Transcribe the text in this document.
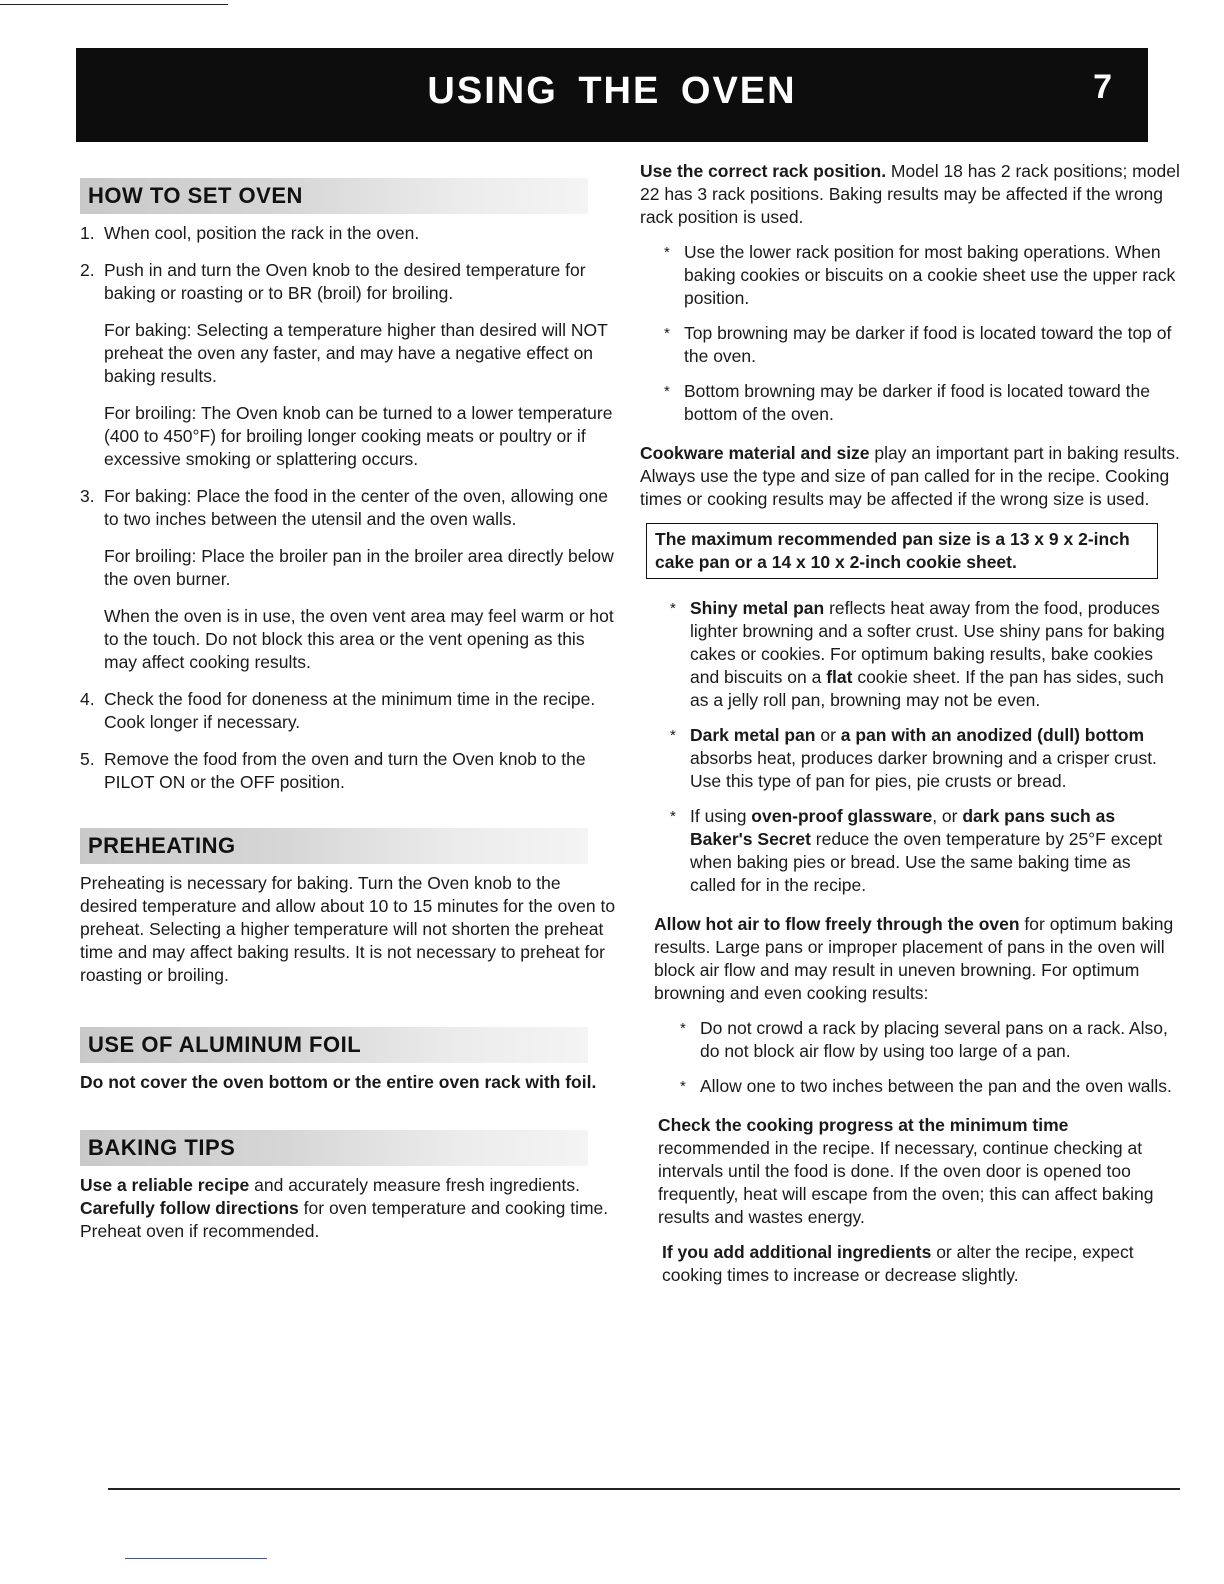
USING THE OVEN	7
HOW TO SET OVEN
1. When cool, position the rack in the oven.
2. Push in and turn the Oven knob to the desired temperature for baking or roasting or to BR (broil) for broiling.
For baking: Selecting a temperature higher than desired will NOT preheat the oven any faster, and may have a negative effect on baking results.
For broiling: The Oven knob can be turned to a lower temperature (400 to 450°F) for broiling longer cooking meats or poultry or if excessive smoking or splattering occurs.
3. For baking: Place the food in the center of the oven, allowing one to two inches between the utensil and the oven walls.
For broiling: Place the broiler pan in the broiler area directly below the oven burner.
When the oven is in use, the oven vent area may feel warm or hot to the touch. Do not block this area or the vent opening as this may affect cooking results.
4. Check the food for doneness at the minimum time in the recipe. Cook longer if necessary.
5. Remove the food from the oven and turn the Oven knob to the PILOT ON or the OFF position.
PREHEATING

Preheating is necessary for baking. Turn the Oven knob to the desired temperature and allow about 10 to 15 minutes for the oven to preheat. Selecting a higher temperature will not shorten the preheat time and may affect baking results. It is not necessary to preheat for roasting or broiling.

USE OF ALUMINUM FOIL

Do not cover the oven bottom or the entire oven rack with foil.

BAKING TIPS

Use a reliable recipe and accurately measure fresh ingredients. Carefully follow directions for oven temperature and cooking time. Preheat oven if recommended.

Use the correct rack position. Model 18 has 2 rack positions; model 22 has 3 rack positions. Baking results may be affected if the wrong rack position is used.

* Use the lower rack position for most baking operations. When baking cookies or biscuits on a cookie sheet use the upper rack position.
* Top browning may be darker if food is located toward the top of the oven.
* Bottom browning may be darker if food is located toward the bottom of the oven.

Cookware material and size play an important part in baking results. Always use the type and size of pan called for in the recipe. Cooking times or cooking results may be affected if the wrong size is used.

The maximum recommended pan size is a 13 x 9 x 2-inch cake pan or a 14 x 10 x 2-inch cookie sheet.
* Shiny metal pan reflects heat away from the food, produces lighter browning and a softer crust. Use shiny pans for baking cakes or cookies. For optimum baking results, bake cookies and biscuits on a flat cookie sheet. If the pan has sides, such as a jelly roll pan, browning may not be even.
* Dark metal pan or a pan with an anodized (dull) bottom absorbs heat, produces darker browning and a crisper crust. Use this type of pan for pies, pie crusts or bread.
* If using oven-proof glassware, or dark pans such as Baker's Secret reduce the oven temperature by 25°F except when baking pies or bread. Use the same baking time as called for in the recipe.

Allow hot air to flow freely through the oven for optimum baking results. Large pans or improper placement of pans in the oven will block air flow and may result in uneven browning. For optimum browning and even cooking results:

* Do not crowd a rack by placing several pans on a rack. Also, do not block air flow by using too large of a pan.
* Allow one to two inches between the pan and the oven walls.

Check the cooking progress at the minimum time recommended in the recipe. If necessary, continue checking at intervals until the food is done. If the oven door is opened too frequently, heat will escape from the oven; this can affect baking results and wastes energy.

If you add additional ingredients or alter the recipe, expect cooking times to increase or decrease slightly.
